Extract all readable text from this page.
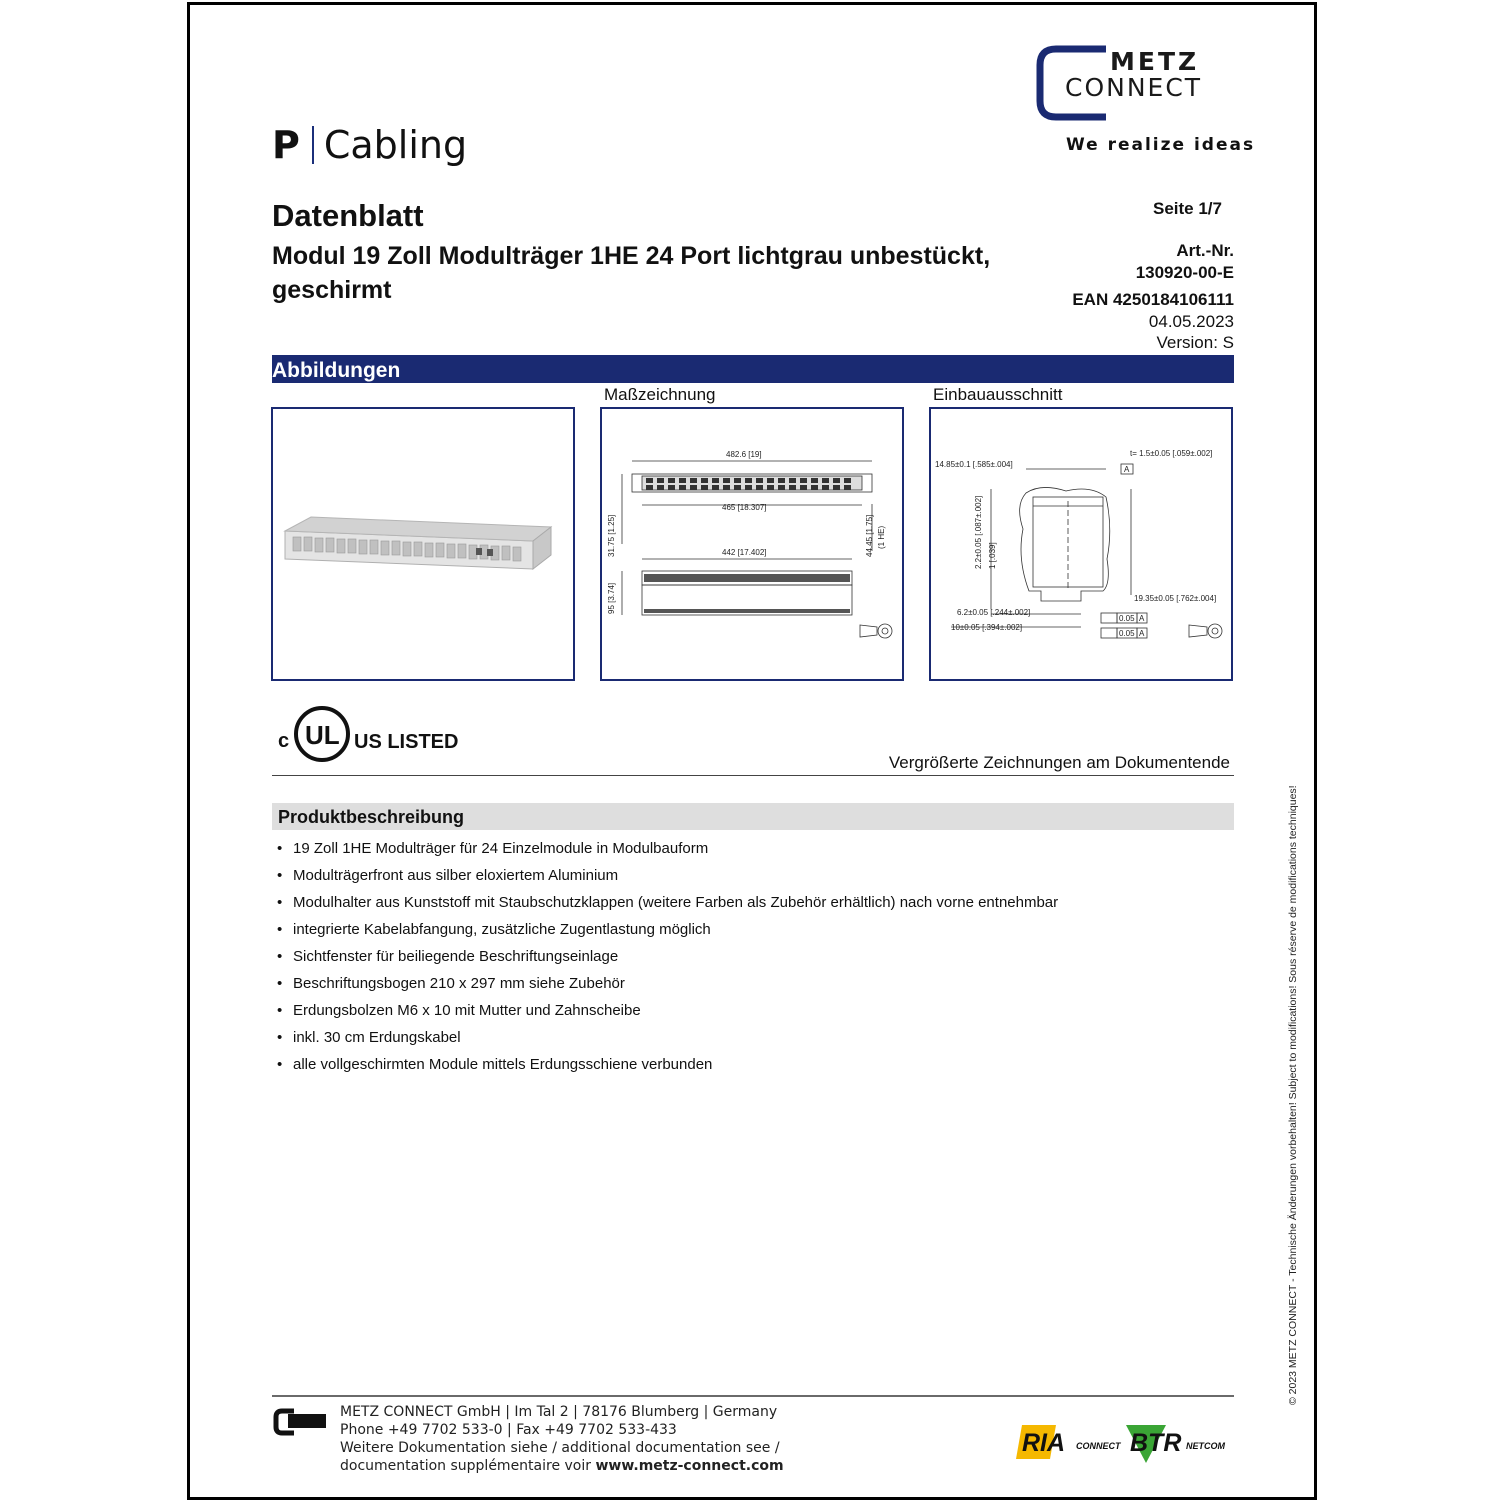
P Cabling
METZ
CONNECT
We realize ideas
Datenblatt
Modul 19 Zoll Modulträger 1HE 24 Port lichtgrau unbestückt, geschirmt
Seite 1/7
Art.-Nr.
130920-00-E
EAN 4250184106111
04.05.2023
Version: S
Abbildungen
Maßzeichnung	Einbauausschnitt
482.6 [19]
465 [18.307]
442 [17.402]
31.75 [1.25]
95 [3.74]
44.45 [1.75] (1 HE)
14.85±0.1 [.585±.004]
t= 1.5±0.05 [.059±.002]
2.2±0.05 [.087±.002] 1 [.039]
19.35±0.05 [.762±.004]
6.2±0.05 [.244±.002]
10±0.05 [.394±.002]
0.05 A
0.05 A
A
c UL US LISTED
Vergrößerte Zeichnungen am Dokumentende
Produktbeschreibung
• 19 Zoll 1HE Modulträger für 24 Einzelmodule in Modulbauform
• Modulträgerfront aus silber eloxiertem Aluminium
• Modulhalter aus Kunststoff mit Staubschutzklappen (weitere Farben als Zubehör erhältlich) nach vorne entnehmbar
• integrierte Kabelabfangung, zusätzliche Zugentlastung möglich
• Sichtfenster für beiliegende Beschriftungseinlage
• Beschriftungsbogen 210 x 297 mm siehe Zubehör
• Erdungsbolzen M6 x 10 mit Mutter und Zahnscheibe
• inkl. 30 cm Erdungskabel
• alle vollgeschirmten Module mittels Erdungsschiene verbunden	© 2023 METZ CONNECT - Technische Änderungen vorbehalten! Subject to modifications! Sous réserve de modifications techniques!
METZ CONNECT GmbH | Im Tal 2 | 78176 Blumberg | Germany
Phone +49 7702 533-0 | Fax +49 7702 533-433
Weitere Dokumentation siehe / additional documentation see /
documentation supplémentaire voir www.metz-connect.com
RIA CONNECT BTR NETCOM
